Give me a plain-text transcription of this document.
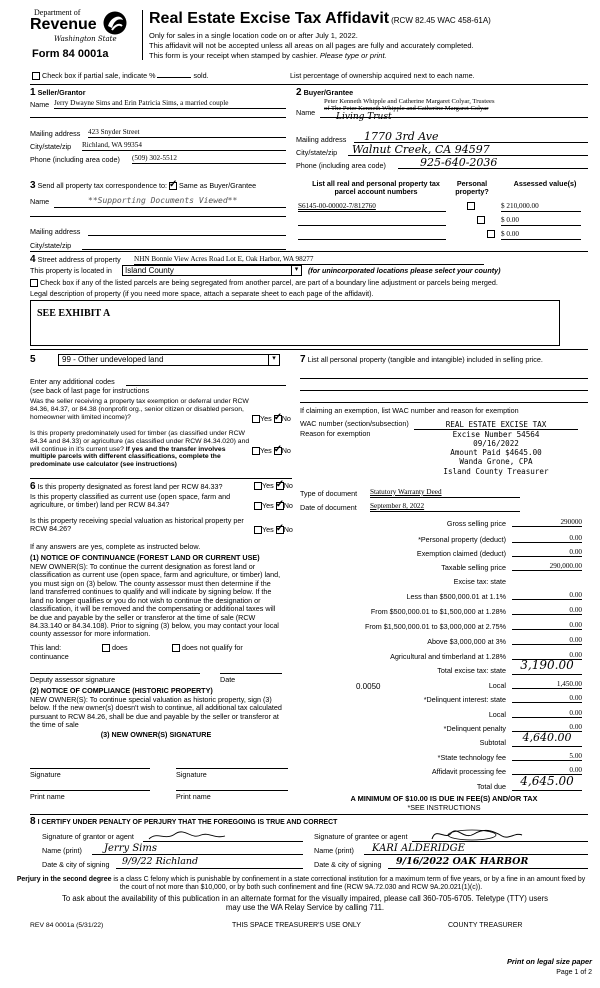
Department of
Revenue
Washington State
Form 84 0001a
Real Estate Excise Tax Affidavit (RCW 82.45 WAC 458-61A)
Only for sales in a single location code on or after July 1, 2022.
This affidavit will not be accepted unless all areas on all pages are fully and accurately completed.
This form is your receipt when stamped by cashier. Please type or print.
Check box if partial sale, indicate %	sold.	List percentage of ownership acquired next to each name.
1 Seller/Grantor
Name Jerry Dwayne Sims and Erin Patricia Sims, a married couple
Mailing address 423 Snyder Street
City/state/zip Richland, WA 99354
Phone (including area code) (509) 302-5512
2 Buyer/Grantee
Name
Peter Kenneth Whipple and Catherine Margaret Colyar, Trustees
of The Peter Kenneth Whipple and Catherine Margaret Colyar
Living Trust
Mailing address	1770 3rd Ave
City/state/zip	Walnut Creek, CA 94597
Phone (including area code)	925-640-2036
3 Send all property tax correspondence to: ✓ Same as Buyer/Grantee
Name	**Supporting Documents Viewed**
Mailing address
City/state/zip
List all real and personal property tax parcel account numbers
Personal property?
Assessed value(s)
S6145-00-00002-7/812760
	$ 210,000.00

$ 0.00
$ 0.00
4 Street address of property NHN Bonnie View Acres Road Lot E, Oak Harbor, WA 98277
This property is located in	Island County	▾	(for unincorporated locations please select your county)
Check box if any of the listed parcels are being segregated from another parcel, are part of a boundary line adjustment or parcels being merged.
Legal description of property (if you need more space, attach a separate sheet to each page of the affidavit).
SEE EXHIBIT A
5	99 - Other undeveloped land	▾
Enter any additional codes
(see back of last page for instructions
Was the seller receiving a property tax exemption or deferral under RCW 84.36, 84.37, or 84.38 (nonprofit org., senior citizen or disabled person, homeowner with limited income)?	Yes ✓ No
Is this property predominately used for timber (as classified under RCW 84.34 and 84.33) or agriculture (as classified under RCW 84.34.020) and will continue in it's current use? If yes and the transfer involves multiple parcels with different classifications, complete the predominate use calculator (see instructions)
Yes ✓ No
7 List all personal property (tangible and intangible) included in selling price.
If claiming an exemption, list WAC number and reason for exemption
WAC number (section/subsection)
Reason for exemption
REAL ESTATE EXCISE TAX
Excise Number 54564
09/16/2022
Amount Paid $4645.00
Wanda Grone, CPA
Island County Treasurer
6 Is this property designated as forest land per RCW 84.33?	Yes ✓ No
Is this property classified as current use (open space, farm and agriculture, or timber) land per RCW 84.34?	Yes ✓ No
Is this property receiving special valuation as historical property per RCW 84.26?	Yes ✓ No
If any answers are yes, complete as instructed below.
(1) NOTICE OF CONTINUANCE (FOREST LAND OR CURRENT USE)
NEW OWNER(S): To continue the current designation as forest land or classification as current use (open space, farm and agriculture, or timber) land, you must sign on (3) below. The county assessor must then determine if the land transferred continues to qualify and will indicate by signing below. If the land no longer qualifies or you do not wish to continue the designation or classification, it will be removed and the compensating or additional taxes will be due and payable by the seller or transferor at the time of sale (RCW 84.33.140 or 84.34.108). Prior to signing (3) below, you may contact your local county assessor for more information.
This land:	does	does not qualify for
continuance
Deputy assessor signature	Date
(2) NOTICE OF COMPLIANCE (HISTORIC PROPERTY)
NEW OWNER(S): To continue special valuation as historic property, sign (3) below. If the new owner(s) doesn't wish to continue, all additional tax calculated pursuant to RCW 84.26, shall be due and payable by the seller or transferor at the time of sale
(3) NEW OWNER(S) SIGNATURE
Signature	Signature
Print name	Print name
Type of document Statutory Warranty Deed
Date of document September 8, 2022
Gross selling price	290000
*Personal property (deduct)	0.00
Exemption claimed (deduct)	0.00
Taxable selling price	290,000.00
Excise tax: state
Less than $500,000.01 at 1.1%	0.00
From $500,000.01 to $1,500,000 at 1.28%	0.00
From $1,500,000.01 to $3,000,000 at 2.75%	0.00
Above $3,000,000 at 3%	0.00
Agricultural and timberland at 1.28%	0.00
Total excise tax: state	3,190.00
0.0050	Local	1,450.00
*Delinquent interest: state	0.00
Local	0.00
*Delinquent penalty	0.00
Subtotal	4,640.00
*State technology fee	5.00
Affidavit processing fee	0.00
Total due	4,645.00
A MINIMUM OF $10.00 IS DUE IN FEE(S) AND/OR TAX
*SEE INSTRUCTIONS
8 I CERTIFY UNDER PENALTY OF PERJURY THAT THE FOREGOING IS TRUE AND CORRECT
Signature of grantor or agent
Name (print)	Jerry Sims
Date & city of signing	9/9/22 Richland
Signature of grantee or agent
Name (print)	KARI ALDERIDGE
Date & city of signing	9/16/2022 OAK HARBOR
Perjury in the second degree is a class C felony which is punishable by confinement in a state correctional institution for a maximum term of five years, or by a fine in an amount fixed by the court of not more than $10,000, or by both such confinement and fine (RCW 9A.72.030 and RCW 9A.20.021(1)(c)).
To ask about the availability of this publication in an alternate format for the visually impaired, please call 360-705-6705. Teletype (TTY) users may use the WA Relay Service by calling 711.
REV 84 0001a (5/31/22)	THIS SPACE TREASURER'S USE ONLY	COUNTY TREASURER
Print on legal size paper
Page 1 of 2
